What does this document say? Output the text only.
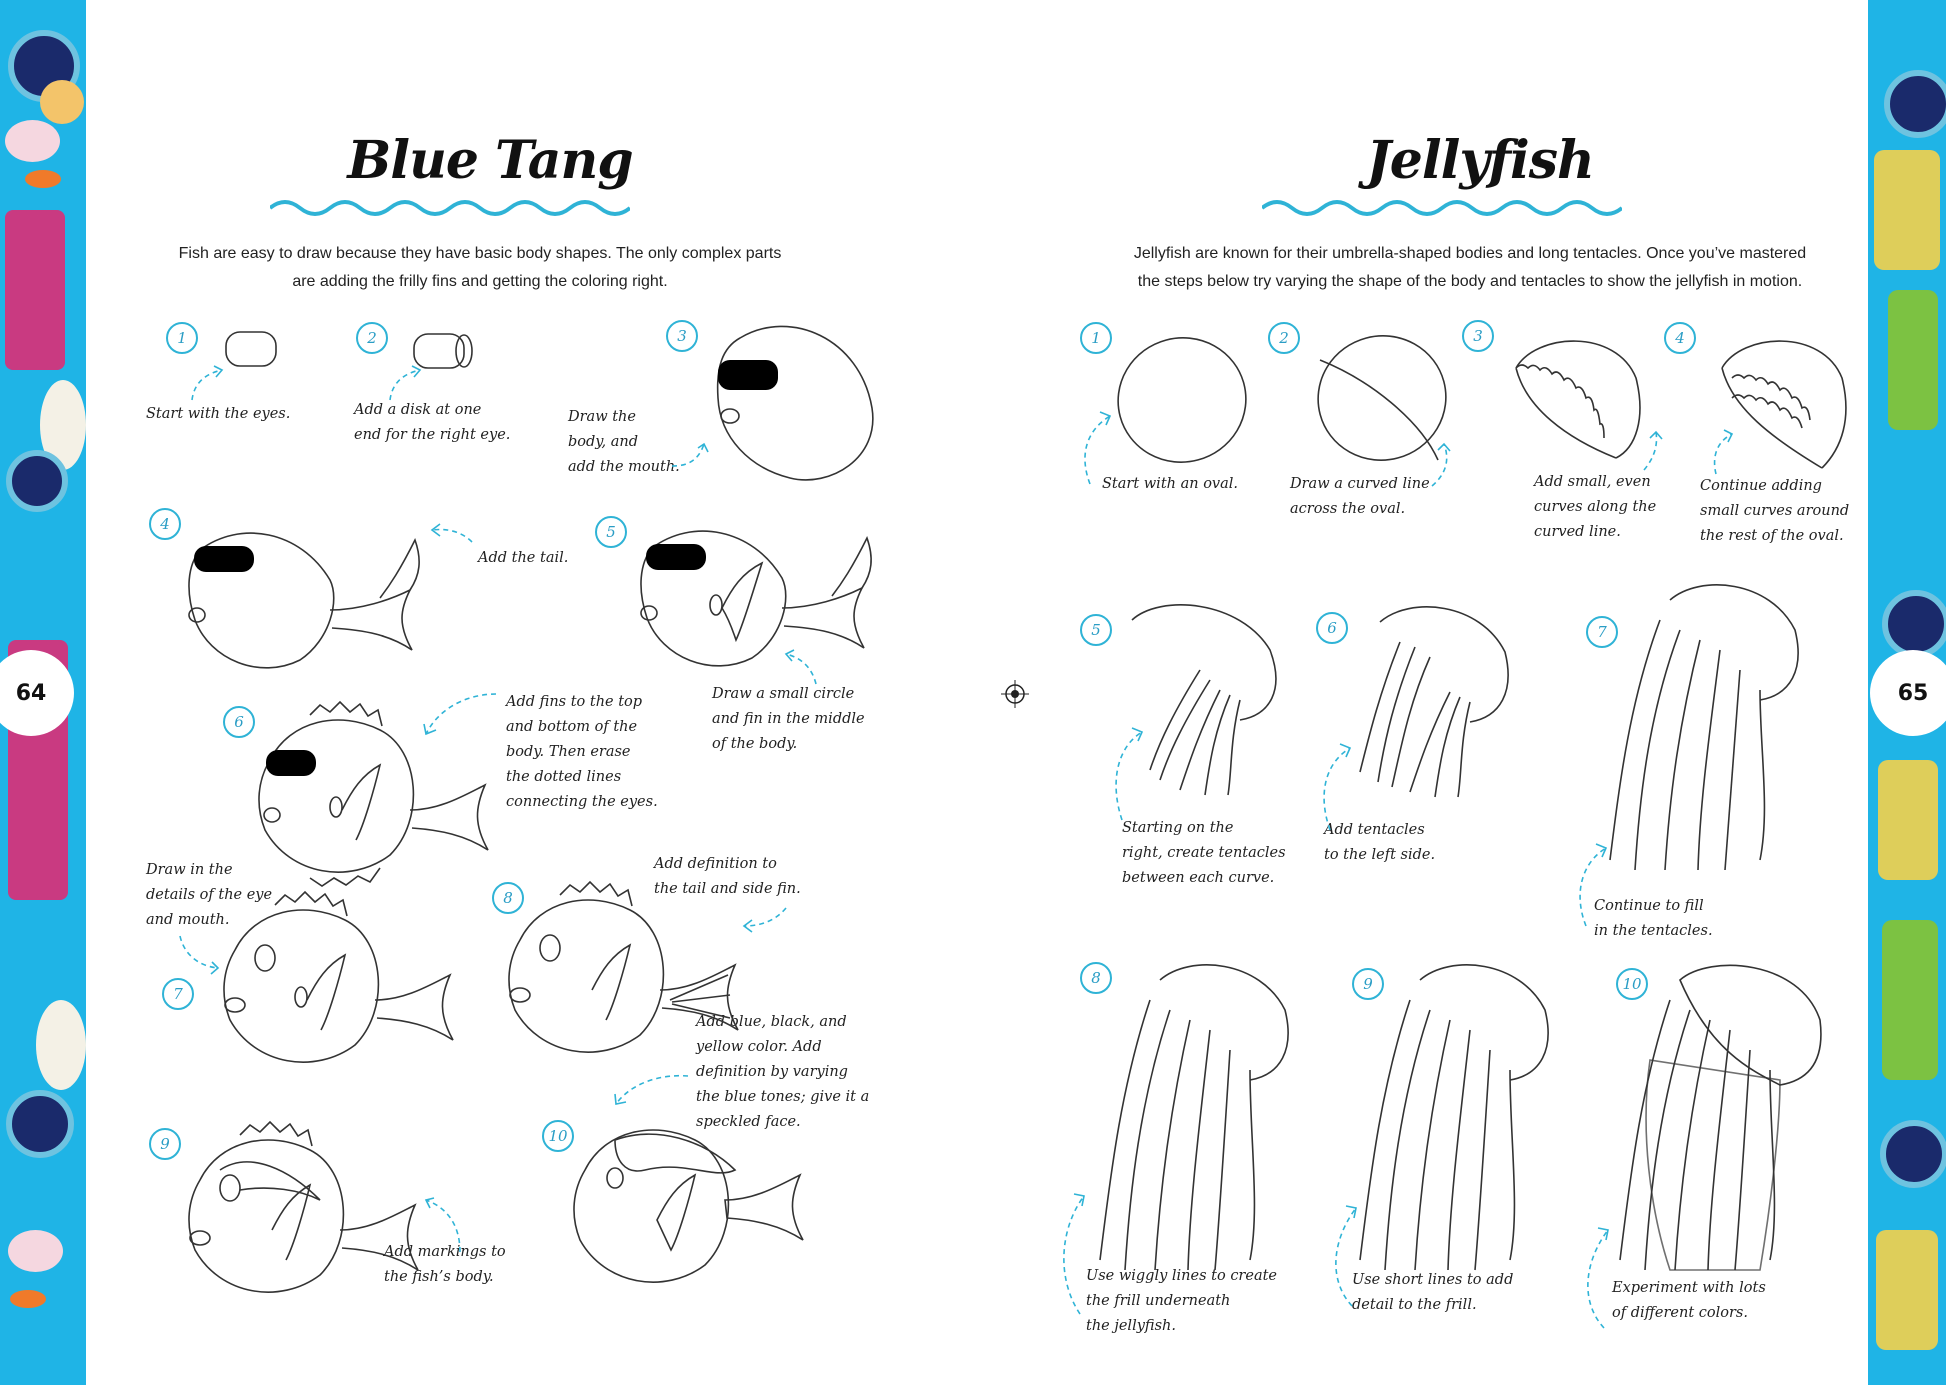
64	65
Blue Tang
Fish are easy to draw because they have basic body shapes. The only complex parts
are adding the frilly fins and getting the coloring right.
1	2	3
4	5
6
7
8
9	10
Start with the eyes.	Add a disk at one
end for the right eye.
Draw the
body, and
add the mouth.
Add the tail.
Draw a small circle
and fin in the middle
of the body.
Add fins to the top
and bottom of the
body. Then erase
the dotted lines
connecting the eyes.
Draw in the
details of the eye
and mouth.
Add definition to
the tail and side fin.
Add markings to
the fish’s body.
Add blue, black, and
yellow color. Add
definition by varying
the blue tones; give it a
speckled face.
Jellyfish
Jellyfish are known for their umbrella-shaped bodies and long tentacles. Once you’ve mastered
the steps below try varying the shape of the body and tentacles to show the jellyfish in motion.
1	2	3	4
5	6	7
8	9	10
Start with an oval.	Draw a curved line
across the oval.
Add small, even
curves along the
curved line.
Continue adding
small curves around
the rest of the oval.
Starting on the
right, create tentacles
between each curve.
Add tentacles
to the left side.
Continue to fill
in the tentacles.
Use wiggly lines to create
the frill underneath
the jellyfish.
Use short lines to add
detail to the frill.
Experiment with lots
of different colors.
